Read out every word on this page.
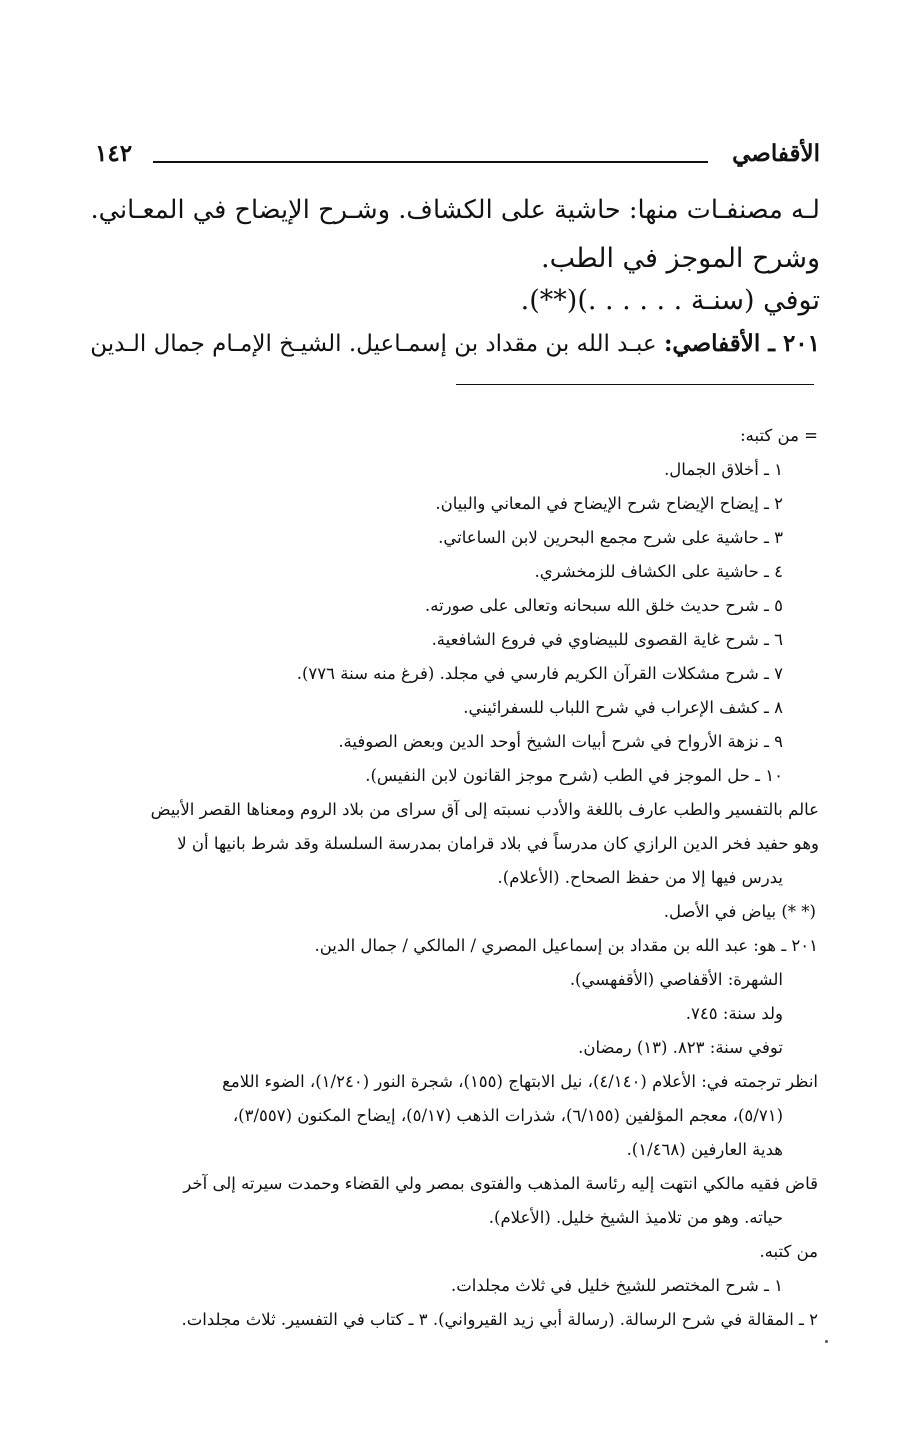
الأقفاصي
١٤٢

لـه مصنفـات منها: حاشية على الكشاف. وشـرح الإيضاح في المعـاني.

وشرح الموجز في الطب.

توفي (سنـة . . . . . .)(**).

٢٠١ ـ الأقفاصي: عبـد الله بن مقداد بن إسمـاعيل. الشيـخ الإمـام جمال الـدين

= من كتبه:

١ ـ أخلاق الجمال.

٢ ـ إيضاح الإيضاح شرح الإيضاح في المعاني والبيان.

٣ ـ حاشية على شرح مجمع البحرين لابن الساعاتي.

٤ ـ حاشية على الكشاف للزمخشري.

٥ ـ شرح حديث خلق الله سبحانه وتعالى على صورته.

٦ ـ شرح غاية القصوى للبيضاوي في فروع الشافعية.

٧ ـ شرح مشكلات القرآن الكريم فارسي في مجلد. (فرغ منه سنة ٧٧٦).

٨ ـ كشف الإعراب في شرح اللباب للسفرائيني.

٩ ـ نزهة الأرواح في شرح أبيات الشيخ أوحد الدين وبعض الصوفية.

١٠ ـ حل الموجز في الطب (شرح موجز القانون لابن النفيس).

عالم بالتفسير والطب عارف باللغة والأدب نسبته إلى آق سراى من بلاد الروم ومعناها القصر الأبيض

وهو حفيد فخر الدين الرازي كان مدرساً في بلاد قرامان بمدرسة السلسلة وقد شرط بانيها أن لا

يدرس فيها إلا من حفظ الصحاح. (الأعلام).

(* *) بياض في الأصل.

٢٠١ ـ هو: عبد الله بن مقداد بن إسماعيل المصري / المالكي / جمال الدين.

الشهرة: الأقفاصي (الأقفهسي).

ولد سنة: ٧٤٥.

توفي سنة: ٨٢٣. (١٣) رمضان.

انظر ترجمته في: الأعلام (٤/١٤٠)، نيل الابتهاج (١٥٥)، شجرة النور (١/٢٤٠)، الضوء اللامع

(٥/٧١)، معجم المؤلفين (٦/١٥٥)، شذرات الذهب (٥/١٧)، إيضاح المكنون (٣/٥٥٧)،

هدية العارفين (١/٤٦٨).

قاض فقيه مالكي انتهت إليه رئاسة المذهب والفتوى بمصر ولي القضاء وحمدت سيرته إلى آخر

حياته. وهو من تلاميذ الشيخ خليل. (الأعلام).

من كتبه.

١ ـ شرح المختصر للشيخ خليل في ثلاث مجلدات.

٢ ـ المقالة في شرح الرسالة. (رسالة أبي زيد القيرواني). ٣ ـ كتاب في التفسير. ثلاث مجلدات.
